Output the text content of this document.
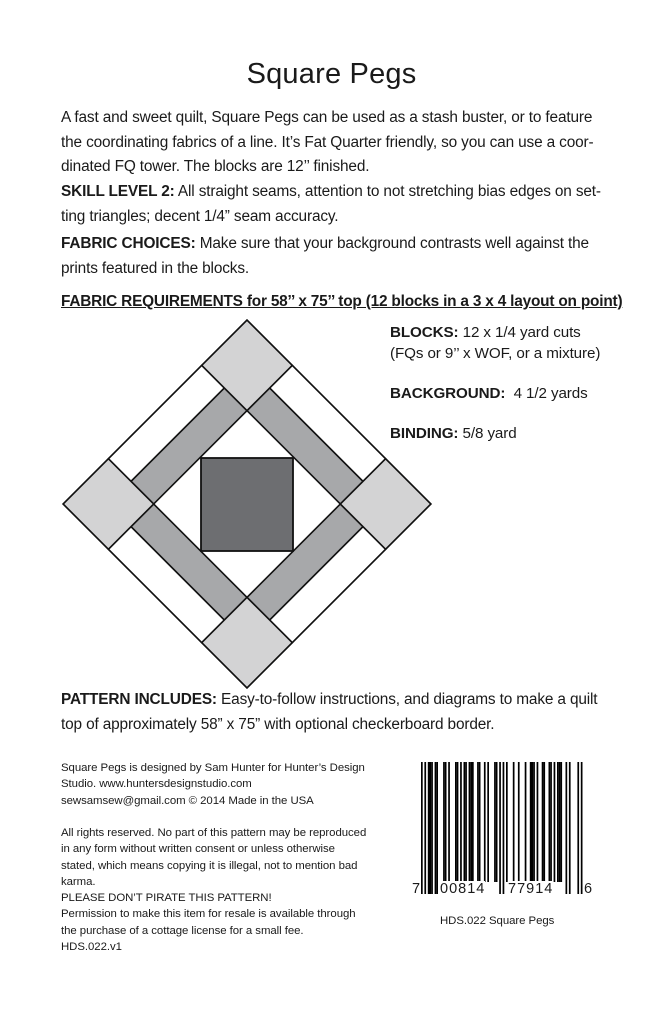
Square Pegs
A fast and sweet quilt, Square Pegs can be used as a stash buster, or to feature
the coordinating fabrics of a line. It’s Fat Quarter friendly, so you can use a coor-
dinated FQ tower. The blocks are 12’’ finished.
SKILL LEVEL 2: All straight seams, attention to not stretching bias edges on set-
ting triangles; decent 1/4” seam accuracy.
FABRIC CHOICES: Make sure that your background contrasts well against the
prints featured in the blocks.
FABRIC REQUIREMENTS for 58’’ x 75’’ top (12 blocks in a 3 x 4 layout on point)
BLOCKS: 12 x 1/4 yard cuts
(FQs or 9’’ x WOF, or a mixture)
BACKGROUND:  4 1/2 yards
BINDING: 5/8 yard
PATTERN INCLUDES: Easy-to-follow instructions, and diagrams to make a quilt
top of approximately 58” x 75” with optional checkerboard border.
Square Pegs is designed by Sam Hunter for Hunter’s Design
Studio. www.huntersdesignstudio.com
sewsamsew@gmail.com © 2014 Made in the USA
All rights reserved. No part of this pattern may be reproduced
in any form without written consent or unless otherwise
stated, which means copying it is illegal, not to mention bad
karma.
PLEASE DON’T PIRATE THIS PATTERN!
Permission to make this item for resale is available through
the purchase of a cottage license for a small fee.
HDS.022.v1
7 00814 77914 6
HDS.022 Square Pegs
